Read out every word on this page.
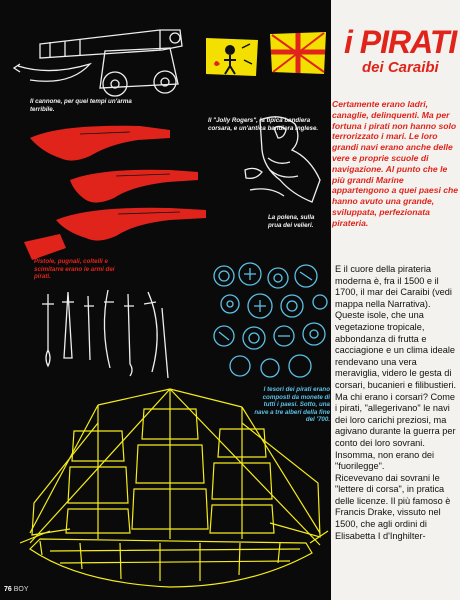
Il cannone, per quei tempi un'arma terribile.
Il "Jolly Rogers", la tipica bandiera corsara, e un'antica bandiera inglese.
La polena, sulla prua dei velieri.
Pistole, pugnali, coltelli e scimitarre erano le armi dei pirati.
I tesori dei pirati erano composti da monete di tutti i paesi. Sotto, una nave a tre alberi della fine del '700.
i PIRATI
dei Caraibi
Certamente erano ladri, canaglie, delinquenti. Ma per fortuna i pirati non hanno solo terrorizzato i mari. Le loro grandi navi erano anche delle vere e proprie scuole di navigazione. Al punto che le più grandi Marine appartengono a quei paesi che hanno avuto una grande, sviluppata, perfezionata pirateria.

E il cuore della pirateria moderna è, fra il 1500 e il 1700, il mar dei Caraibi (vedi mappa nella Narrativa). Queste isole, che una vegetazione tropicale, abbondanza di frutta e cacciagione e un clima ideale rendevano una vera meraviglia, videro le gesta di corsari, bucanieri e filibustieri. Ma chi erano i corsari? Come i pirati, "allegerivano" le navi dei loro carichi preziosi, ma agivano durante la guerra per conto dei loro sovrani. Insomma, non erano dei "fuorilegge".

Ricevevano dai sovrani le "lettere di corsa", in pratica delle licenze. Il più famoso è Francis Drake, vissuto nel 1500, che agli ordini di Elisabetta I d'Inghilter-

76 BOY
